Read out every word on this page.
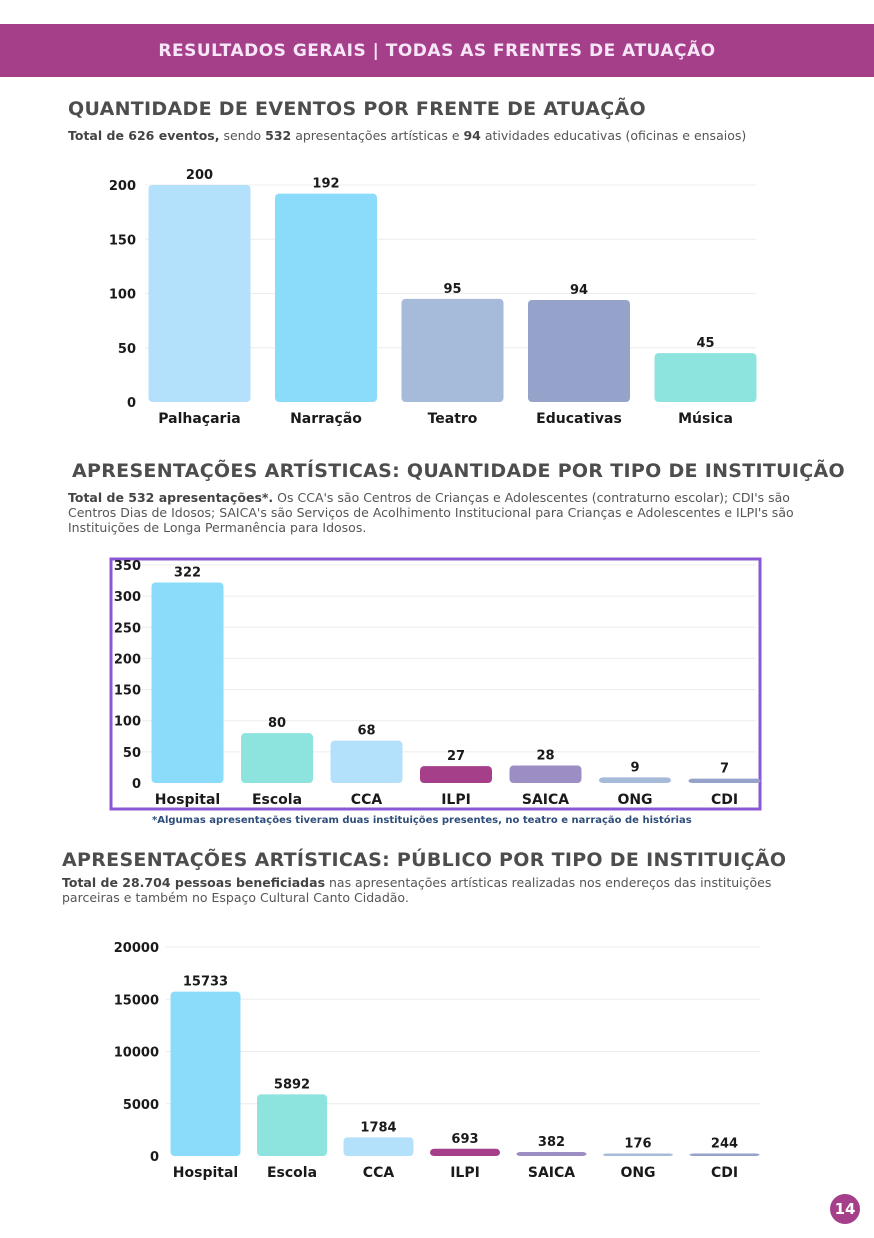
RESULTADOS GERAIS | TODAS AS FRENTES DE ATUAÇÃO
QUANTIDADE DE EVENTOS POR FRENTE DE ATUAÇÃO

Total de 626 eventos, sendo 532 apresentações artísticas e 94 atividades educativas (oficinas e ensaios)

0
50
100
150
200
200
Palhaçaria
192
Narração
95
Teatro
94
Educativas
45
Música
APRESENTAÇÕES ARTÍSTICAS: QUANTIDADE POR TIPO DE INSTITUIÇÃO

Total de 532 apresentações*. Os CCA's são Centros de Crianças e Adolescentes (contraturno escolar); CDI's são Centros Dias de Idosos; SAICA's são Serviços de Acolhimento Institucional para Crianças e Adolescentes e ILPI's são Instituições de Longa Permanência para Idosos.

0
50
100
150
200
250
300
350	322
Hospital
80
Escola
68
CCA
27
ILPI
28
SAICA
9
ONG
7
CDI
*Algumas apresentações tiveram duas instituições presentes, no teatro e narração de histórias
APRESENTAÇÕES ARTÍSTICAS: PÚBLICO POR TIPO DE INSTITUIÇÃO

Total de 28.704 pessoas beneficiadas nas apresentações artísticas realizadas nos endereços das instituições parceiras e também no Espaço Cultural Canto Cidadão.

0
5000
10000
15000
20000
15733
Hospital
5892
Escola
1784
CCA
693
ILPI
382
SAICA
176
ONG
244
CDI
14
